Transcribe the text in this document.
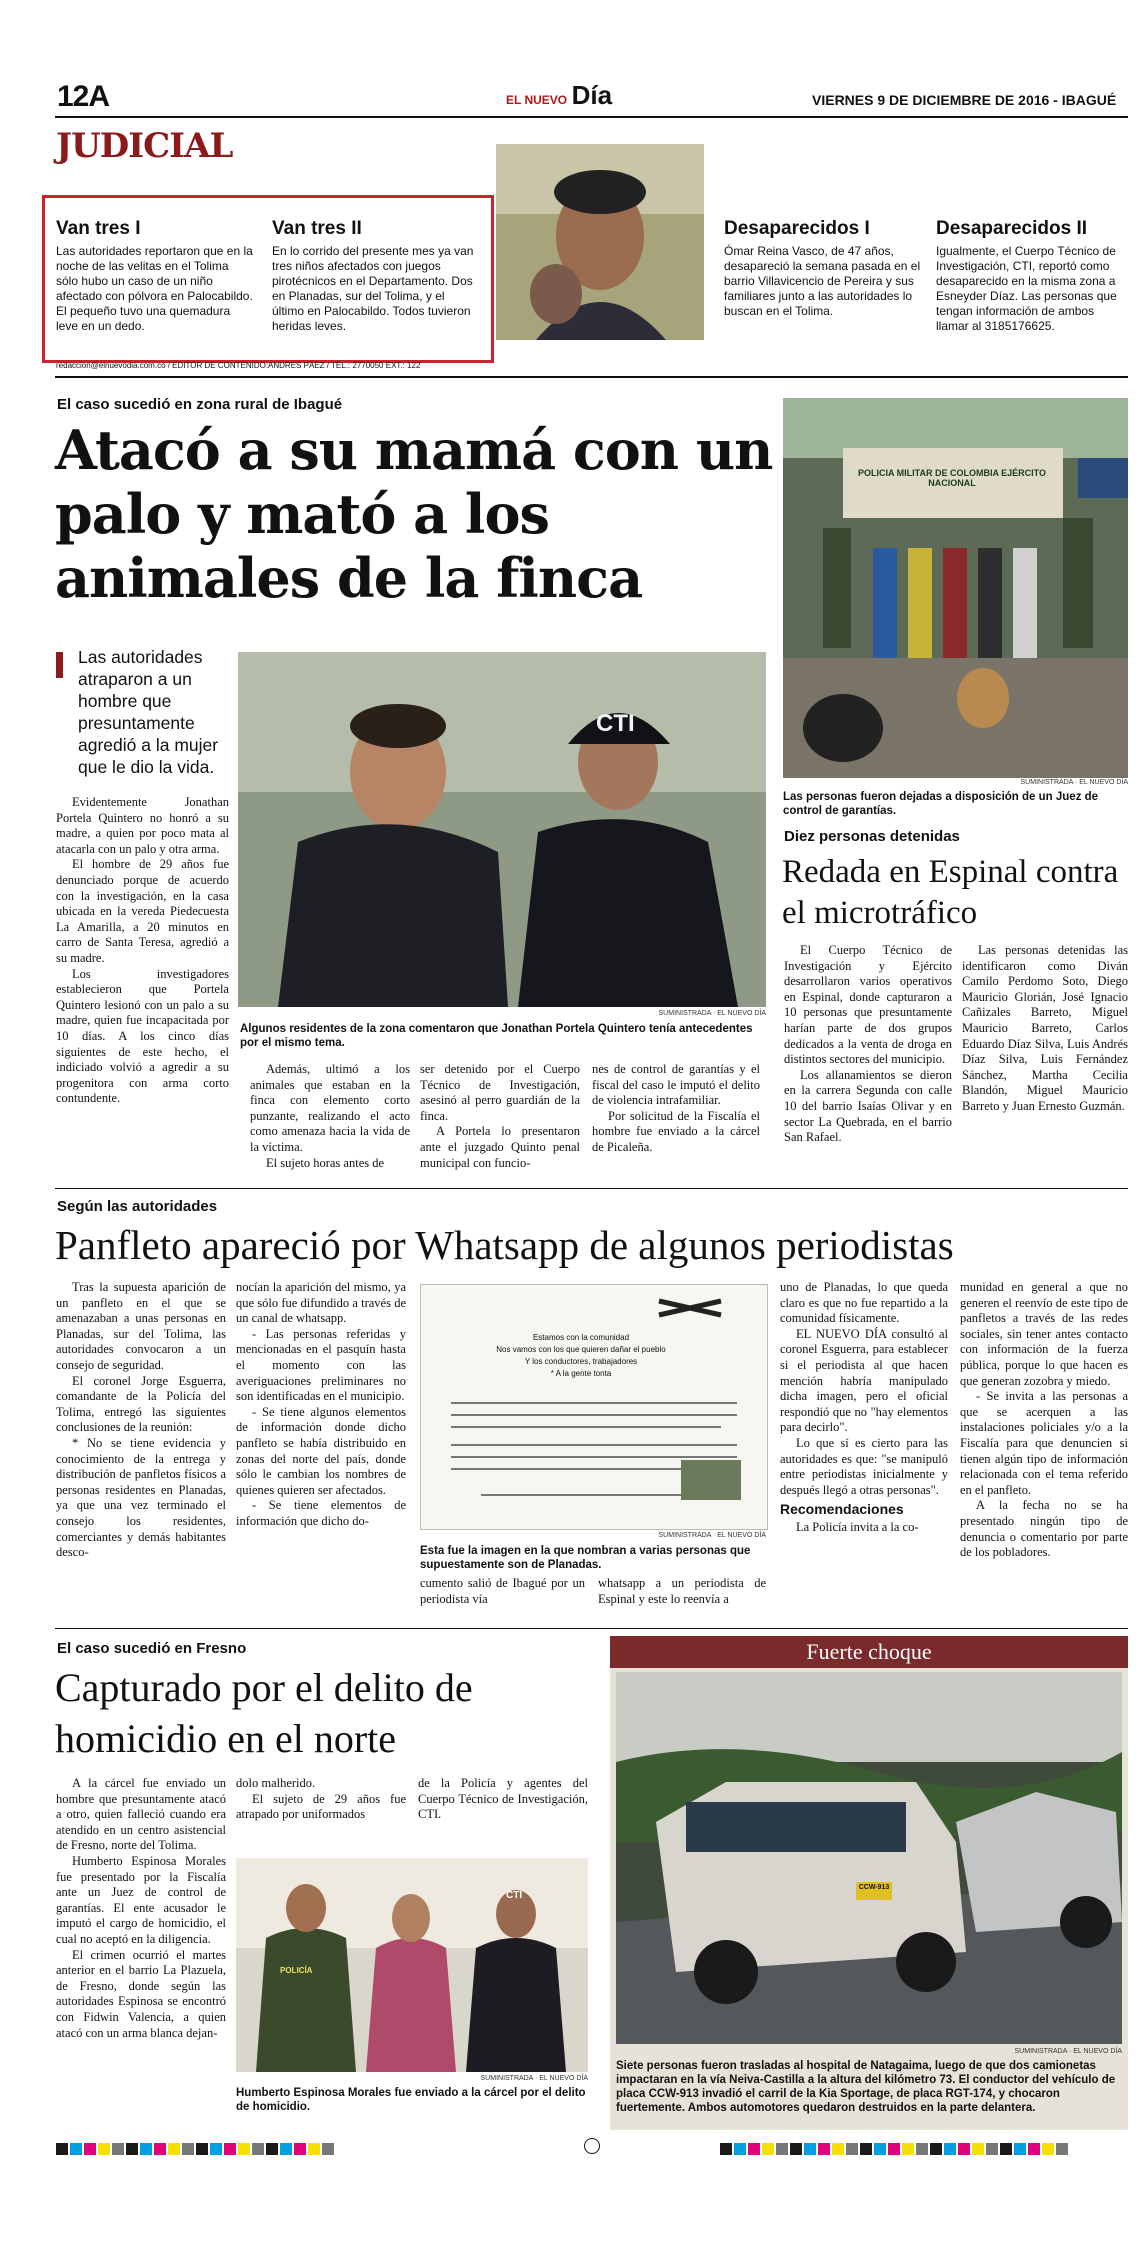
12A	EL NUEVO Día	VIERNES 9 DE DICIEMBRE DE 2016 - IBAGUÉ
JUDICIAL
Van tres I
Las autoridades reportaron que en la noche de las velitas en el Tolima sólo hubo un caso de un niño afectado con pólvora en Palocabildo. El pequeño tuvo una quemadura leve en un dedo.
Van tres II
En lo corrido del presente mes ya van tres niños afectados con juegos pirotécnicos en el Departamento. Dos en Planadas, sur del Tolima, y el último en Palocabildo. Todos tuvieron heridas leves.
Desaparecidos I
Ómar Reina Vasco, de 47 años, desapareció la semana pasada en el barrio Villavicencio de Pereira y sus familiares junto a las autoridades lo buscan en el Tolima.
Desaparecidos II
Igualmente, el Cuerpo Técnico de Investigación, CTI, reportó como desaparecido en la misma zona a Esneyder Díaz. Las personas que tengan información de ambos llamar al 3185176625.
redaccion@elnuevodia.com.co / EDITOR DE CONTENIDO:ANDRES PÁEZ / TEL.: 2770050 EXT.: 122
El caso sucedió en zona rural de Ibagué
Atacó a su mamá con un palo y mató a los animales de la finca
Las autoridades atraparon a un hombre que presuntamente agredió a la mujer que le dio la vida.

Evidentemente Jonathan Portela Quintero no honró a su madre, a quien por poco mata al atacarla con un palo y otra arma.

El hombre de 29 años fue denunciado porque de acuerdo con la investigación, en la casa ubicada en la vereda Piedecuesta La Amarilla, a 20 minutos en carro de Santa Teresa, agredió a su madre.

Los investigadores establecieron que Portela Quintero lesionó con un palo a su madre, quien fue incapacitada por 10 días. A los cinco días siguientes de este hecho, el indiciado volvió a agredir a su progenitora con arma corto contundente.

CTI
SUMINISTRADA · EL NUEVO DÍA
Algunos residentes de la zona comentaron que Jonathan Portela Quintero tenía antecedentes por el mismo tema.

Además, ultimó a los animales que estaban en la finca con elemento corto punzante, realizando el acto como amenaza hacia la vida de la víctima.

El sujeto horas antes de

ser detenido por el Cuerpo Técnico de Investigación, asesinó al perro guardián de la finca.

A Portela lo presentaron ante el juzgado Quinto penal municipal con funcio-

nes de control de garantías y el fiscal del caso le imputó el delito de violencia intrafamiliar.

Por solicitud de la Fiscalía el hombre fue enviado a la cárcel de Picaleña.

POLICIA MILITAR DE COLOMBIA EJÉRCITO NACIONAL
SUMINISTRADA · EL NUEVO DÍA
Las personas fueron dejadas a disposición de un Juez de control de garantías.
Diez personas detenidas
Redada en Espinal contra el microtráfico

El Cuerpo Técnico de Investigación y Ejército desarrollaron varios operativos en Espinal, donde capturaron a 10 personas que presuntamente harían parte de dos grupos dedicados a la venta de droga en distintos sectores del municipio.

Los allanamientos se dieron en la carrera Segunda con calle 10 del barrio Isaías Olivar y en sector La Quebrada, en el barrio San Rafael.

Las personas detenidas las identificaron como Diván Camilo Perdomo Soto, Diego Mauricio Glorián, José Ignacio Cañizales Barreto, Miguel Mauricio Barreto, Carlos Eduardo Díaz Silva, Luis Andrés Díaz Silva, Luis Fernández Sánchez, Martha Cecilia Blandón, Miguel Mauricio Barreto y Juan Ernesto Guzmán.

Según las autoridades
Panfleto apareció por Whatsapp de algunos periodistas

Tras la supuesta aparición de un panfleto en el que se amenazaban a unas personas en Planadas, sur del Tolima, las autoridades convocaron a un consejo de seguridad.

El coronel Jorge Esguerra, comandante de la Policía del Tolima, entregó las siguientes conclusiones de la reunión:

* No se tiene evidencia y conocimiento de la entrega y distribución de panfletos físicos a personas residentes en Planadas, ya que una vez terminado el consejo los residentes, comerciantes y demás habitantes desco-

nocían la aparición del mismo, ya que sólo fue difundido a través de un canal de whatsapp.

- Las personas referidas y mencionadas en el pasquín hasta el momento con las averiguaciones preliminares no son identificadas en el municipio.

- Se tiene algunos elementos de información donde dicho panfleto se había distribuido en zonas del norte del país, donde sólo le cambian los nombres de quienes quieren ser afectados.

- Se tiene elementos de información que dicho do-

Estamos con la comunidad
Nos vamos con los que quieren dañar el pueblo
Y los conductores, trabajadores
* A la gente tonta
SUMINISTRADA · EL NUEVO DÍA
Esta fue la imagen en la que nombran a varias personas que supuestamente son de Planadas.

cumento salió de Ibagué por un periodista vía

whatsapp a un periodista de Espinal y este lo reenvía a

uno de Planadas, lo que queda claro es que no fue repartido a la comunidad físicamente.

EL NUEVO DÍA consultó al coronel Esguerra, para establecer si el periodista al que hacen mención habría manipulado dicha imagen, pero el oficial respondió que no "hay elementos para decirlo".

Lo que sí es cierto para las autoridades es que: "se manipuló entre periodistas inicialmente y después llegó a otras personas".

Recomendaciones

La Policía invita a la co-

munidad en general a que no generen el reenvío de este tipo de panfletos a través de las redes sociales, sin tener antes contacto con información de la fuerza pública, porque lo que hacen es que generan zozobra y miedo.

- Se invita a las personas a que se acerquen a las instalaciones policiales y/o a la Fiscalía para que denuncien si tienen algún tipo de información relacionada con el tema referido en el panfleto.

A la fecha no se ha presentado ningún tipo de denuncia o comentario por parte de los pobladores.

El caso sucedió en Fresno
Capturado por el delito de homicidio en el norte

A la cárcel fue enviado un hombre que presuntamente atacó a otro, quien falleció cuando era atendido en un centro asistencial de Fresno, norte del Tolima.

Humberto Espinosa Morales fue presentado por la Fiscalía ante un Juez de control de garantías. El ente acusador le imputó el cargo de homicidio, el cual no aceptó en la diligencia.

El crimen ocurrió el martes anterior en el barrio La Plazuela, de Fresno, donde según las autoridades Espinosa se encontró con Fidwin Valencia, a quien atacó con un arma blanca dejan-

dolo malherido.

El sujeto de 29 años fue atrapado por uniformados

de la Policía y agentes del Cuerpo Técnico de Investigación, CTI.

POLICÍA
CTI
SUMINISTRADA · EL NUEVO DÍA
Humberto Espinosa Morales fue enviado a la cárcel por el delito de homicidio.
Fuerte choque
CCW-913
SUMINISTRADA · EL NUEVO DÍA
Siete personas fueron trasladas al hospital de Natagaima, luego de que dos camionetas impactaran en la vía Neiva-Castilla a la altura del kilómetro 73. El conductor del vehículo de placa CCW-913 invadió el carril de la Kia Sportage, de placa RGT-174, y chocaron fuertemente. Ambos automotores quedaron destruidos en la parte delantera.
